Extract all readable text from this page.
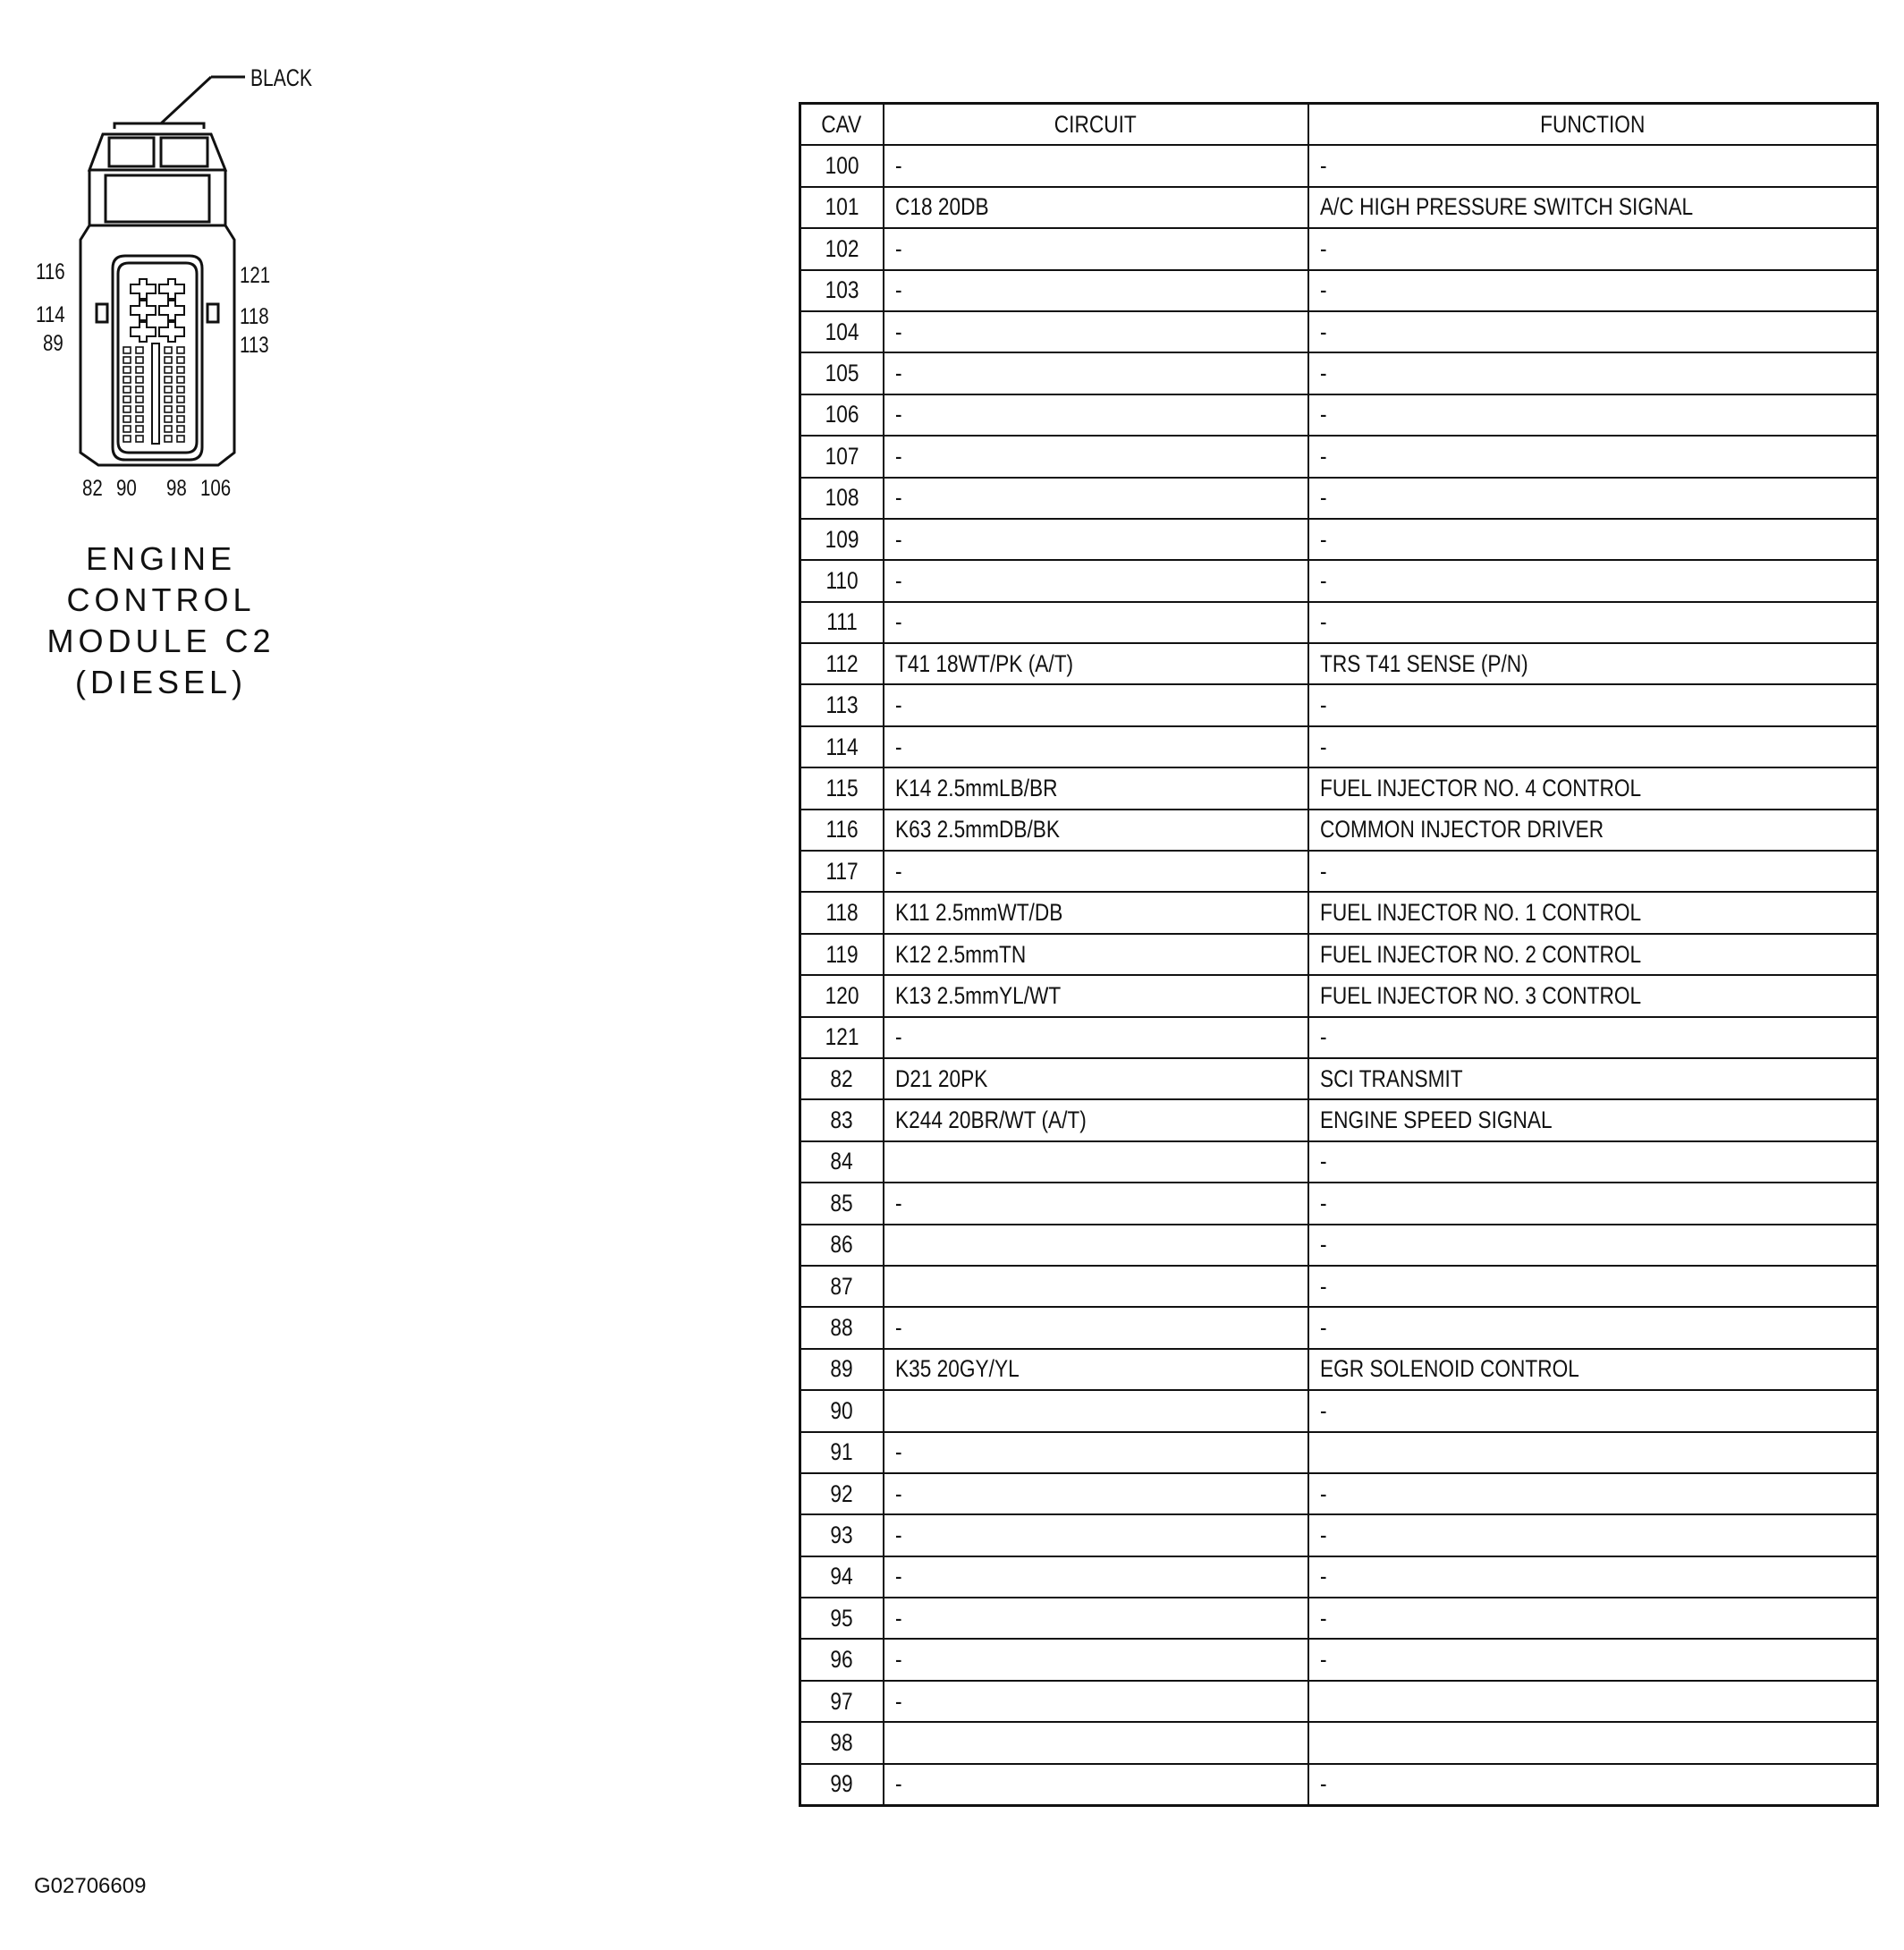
BLACK
116	121
114
89
118
113
82 90 98 106
ENGINE
CONTROL
MODULE C2
(DIESEL)
CAV	CIRCUIT	FUNCTION
100	-	-
101	C18 20DB	A/C HIGH PRESSURE SWITCH SIGNAL
102	-	-
103	-	-
104	-	-
105	-	-
106	-	-
107	-	-
108	-	-
109	-	-
110	-	-
111	-	-
112	T41 18WT/PK (A/T)	TRS T41 SENSE (P/N)
113	-	-
114	-	-
115	K14 2.5mmLB/BR	FUEL INJECTOR NO. 4 CONTROL
116	K63 2.5mmDB/BK	COMMON INJECTOR DRIVER
117	-	-
118	K11 2.5mmWT/DB	FUEL INJECTOR NO. 1 CONTROL
119	K12 2.5mmTN	FUEL INJECTOR NO. 2 CONTROL
120	K13 2.5mmYL/WT	FUEL INJECTOR NO. 3 CONTROL
121	-	-
82	D21 20PK	SCI TRANSMIT
83	K244 20BR/WT (A/T)	ENGINE SPEED SIGNAL
84		-
85	-	-
86		-
87		-
88	-	-
89	K35 20GY/YL	EGR SOLENOID CONTROL
90		-
91	-	
92	-	-
93	-	-
94	-	-
95	-	-
96	-	-
97	-	
98		
99	-	-
G02706609
